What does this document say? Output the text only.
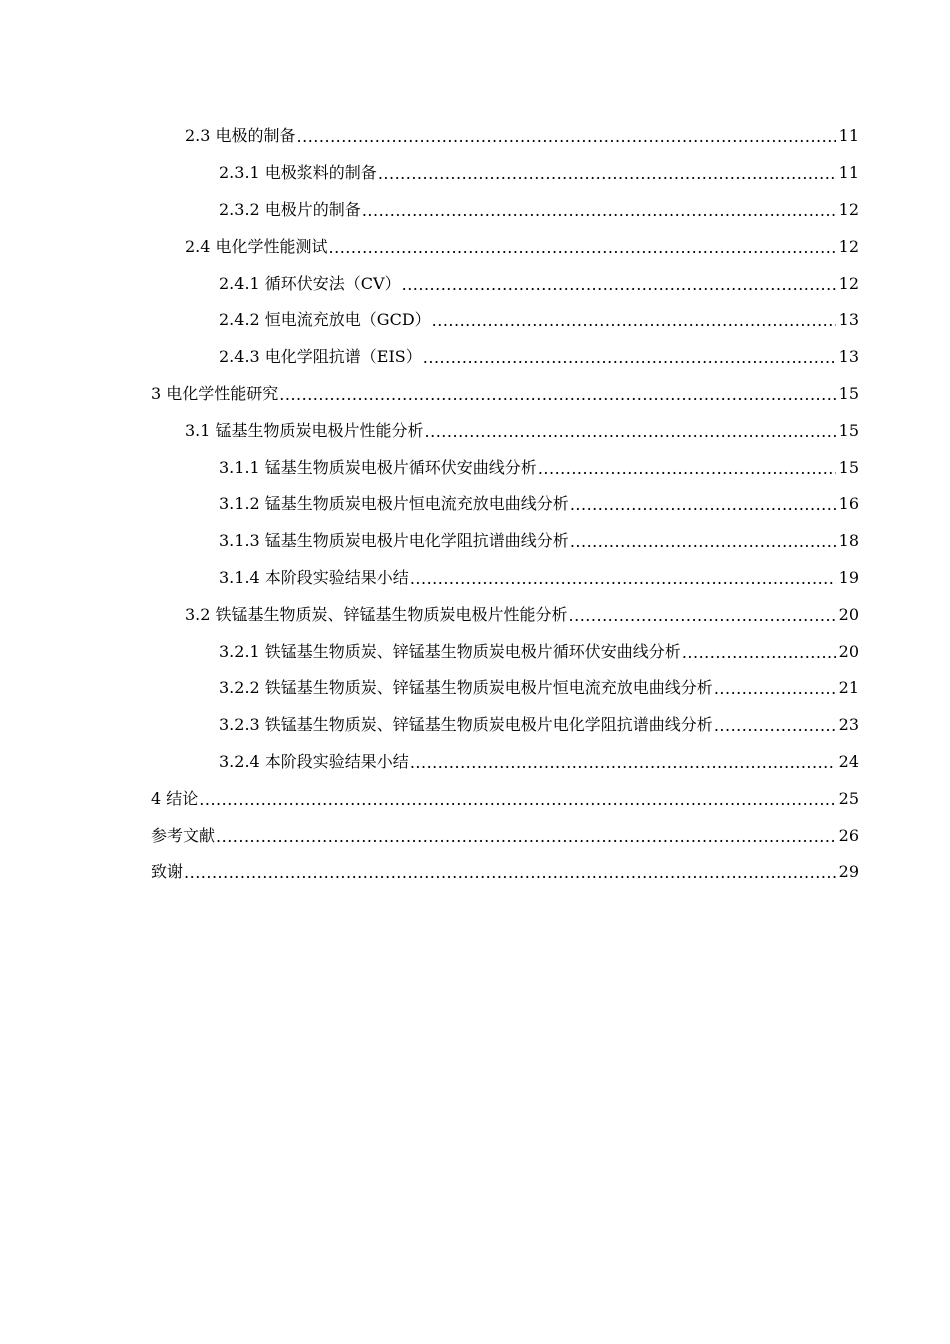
2.3 电极的制备 .....	11
2.3.1 电极浆料的制备 .....	11
2.3.2 电极片的制备 .....	12
2.4 电化学性能测试 .....	12
2.4.1 循环伏安法（CV） .....	12
2.4.2 恒电流充放电（GCD） .....	13
2.4.3 电化学阻抗谱（EIS） .....	13
3 电化学性能研究 .....	15
3.1 锰基生物质炭电极片性能分析 .....	15
3.1.1 锰基生物质炭电极片循环伏安曲线分析 .....	15
3.1.2 锰基生物质炭电极片恒电流充放电曲线分析 .....	16
3.1.3 锰基生物质炭电极片电化学阻抗谱曲线分析 .....	18
3.1.4 本阶段实验结果小结 .....	19
3.2 铁锰基生物质炭、锌锰基生物质炭电极片性能分析 .....	20
3.2.1 铁锰基生物质炭、锌锰基生物质炭电极片循环伏安曲线分析 .....	20
3.2.2 铁锰基生物质炭、锌锰基生物质炭电极片恒电流充放电曲线分析 .....	21
3.2.3 铁锰基生物质炭、锌锰基生物质炭电极片电化学阻抗谱曲线分析 .....	23
3.2.4 本阶段实验结果小结 .....	24
4 结论 .....	25
参考文献 .....	26
致谢 .....	29
